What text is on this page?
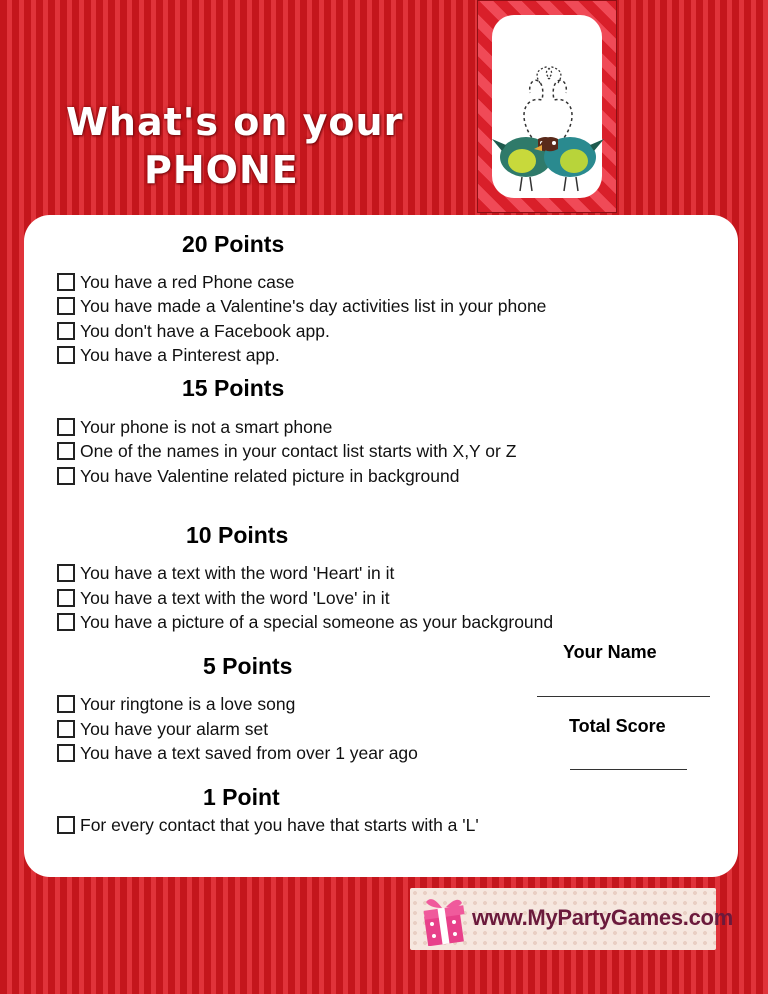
What's on your
PHONE
20 Points
You have a red Phone case
You have made a Valentine's day activities list in your phone
You don't have a Facebook app.
You have a Pinterest app.
15 Points
Your phone is not a smart phone
One of the names in your contact list starts with X,Y or Z
You have Valentine related picture in background
10 Points
You have a text with the word 'Heart' in it
You have a text with the word 'Love' in it
You have a picture of a special someone as your background
5 Points
Your ringtone is a love song
You have your alarm set
You have a text saved from over 1 year ago
1 Point
For every contact that you have that starts with a 'L'
Your Name
Total Score
www.MyPartyGames.com
